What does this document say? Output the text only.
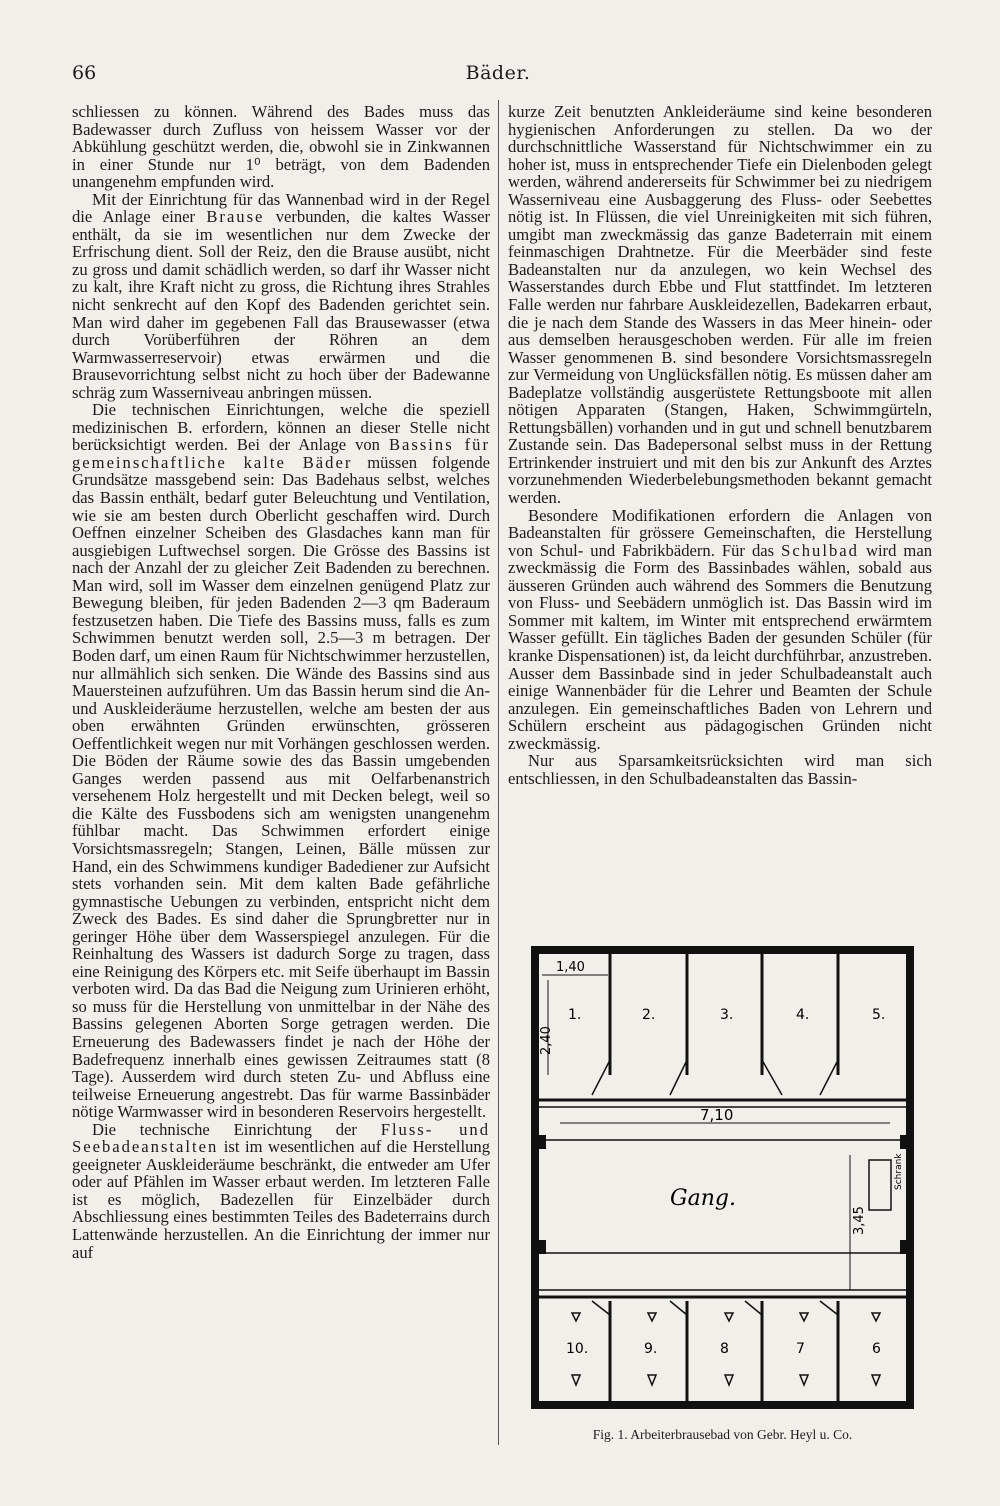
66	Bäder.

schliessen zu können. Während des Bades muss das Badewasser durch Zufluss von heissem Wasser vor der Abkühlung geschützt werden, die, obwohl sie in Zinkwannen in einer Stunde nur 1⁰ beträgt, von dem Badenden unangenehm empfunden wird.

Mit der Einrichtung für das Wannenbad wird in der Regel die Anlage einer Brause verbunden, die kaltes Wasser enthält, da sie im wesentlichen nur dem Zwecke der Erfrischung dient. Soll der Reiz, den die Brause ausübt, nicht zu gross und damit schädlich werden, so darf ihr Wasser nicht zu kalt, ihre Kraft nicht zu gross, die Richtung ihres Strahles nicht senkrecht auf den Kopf des Badenden gerichtet sein. Man wird daher im gegebenen Fall das Brausewasser (etwa durch Vorüberführen der Röhren an dem Warmwasserreservoir) etwas erwärmen und die Brausevorrichtung selbst nicht zu hoch über der Badewanne schräg zum Wasserniveau anbringen müssen.

Die technischen Einrichtungen, welche die speziell medizinischen B. erfordern, können an dieser Stelle nicht berücksichtigt werden. Bei der Anlage von Bassins für gemeinschaftliche kalte Bäder müssen folgende Grundsätze massgebend sein: Das Badehaus selbst, welches das Bassin enthält, bedarf guter Beleuchtung und Ventilation, wie sie am besten durch Oberlicht geschaffen wird. Durch Oeffnen einzelner Scheiben des Glasdaches kann man für ausgiebigen Luftwechsel sorgen. Die Grösse des Bassins ist nach der Anzahl der zu gleicher Zeit Badenden zu berechnen. Man wird, soll im Wasser dem einzelnen genügend Platz zur Bewegung bleiben, für jeden Badenden 2—3 qm Baderaum festzusetzen haben. Die Tiefe des Bassins muss, falls es zum Schwimmen benutzt werden soll, 2.5—3 m betragen. Der Boden darf, um einen Raum für Nichtschwimmer herzustellen, nur allmählich sich senken. Die Wände des Bassins sind aus Mauersteinen aufzuführen. Um das Bassin herum sind die An- und Auskleideräume herzustellen, welche am besten der aus oben erwähnten Gründen erwünschten, grösseren Oeffentlichkeit wegen nur mit Vorhängen geschlossen werden. Die Böden der Räume sowie des das Bassin umgebenden Ganges werden passend aus mit Oelfarbenanstrich versehenem Holz hergestellt und mit Decken belegt, weil so die Kälte des Fussbodens sich am wenigsten unangenehm fühlbar macht. Das Schwimmen erfordert einige Vorsichtsmassregeln; Stangen, Leinen, Bälle müssen zur Hand, ein des Schwimmens kundiger Badediener zur Aufsicht stets vorhanden sein. Mit dem kalten Bade gefährliche gymnastische Uebungen zu verbinden, entspricht nicht dem Zweck des Bades. Es sind daher die Sprungbretter nur in geringer Höhe über dem Wasserspiegel anzulegen. Für die Reinhaltung des Wassers ist dadurch Sorge zu tragen, dass eine Reinigung des Körpers etc. mit Seife überhaupt im Bassin verboten wird. Da das Bad die Neigung zum Urinieren erhöht, so muss für die Herstellung von unmittelbar in der Nähe des Bassins gelegenen Aborten Sorge getragen werden. Die Erneuerung des Badewassers findet je nach der Höhe der Badefrequenz innerhalb eines gewissen Zeitraumes statt (8 Tage). Ausserdem wird durch steten Zu- und Abfluss eine teilweise Erneuerung angestrebt. Das für warme Bassinbäder nötige Warmwasser wird in besonderen Reservoirs hergestellt.

Die technische Einrichtung der Fluss- und Seebadeanstalten ist im wesentlichen auf die Herstellung geeigneter Auskleideräume beschränkt, die entweder am Ufer oder auf Pfählen im Wasser erbaut werden. Im letzteren Falle ist es möglich, Badezellen für Einzelbäder durch Abschliessung eines bestimmten Teiles des Badeterrains durch Lattenwände herzustellen. An die Einrichtung der immer nur auf

kurze Zeit benutzten Ankleideräume sind keine besonderen hygienischen Anforderungen zu stellen. Da wo der durchschnittliche Wasserstand für Nichtschwimmer ein zu hoher ist, muss in entsprechender Tiefe ein Dielenboden gelegt werden, während andererseits für Schwimmer bei zu niedrigem Wasserniveau eine Ausbaggerung des Fluss- oder Seebettes nötig ist. In Flüssen, die viel Unreinigkeiten mit sich führen, umgibt man zweckmässig das ganze Badeterrain mit einem feinmaschigen Drahtnetze. Für die Meerbäder sind feste Badeanstalten nur da anzulegen, wo kein Wechsel des Wasserstandes durch Ebbe und Flut stattfindet. Im letzteren Falle werden nur fahrbare Auskleidezellen, Badekarren erbaut, die je nach dem Stande des Wassers in das Meer hinein- oder aus demselben herausgeschoben werden. Für alle im freien Wasser genommenen B. sind besondere Vorsichtsmassregeln zur Vermeidung von Unglücksfällen nötig. Es müssen daher am Badeplatze vollständig ausgerüstete Rettungsboote mit allen nötigen Apparaten (Stangen, Haken, Schwimmgürteln, Rettungsbällen) vorhanden und in gut und schnell benutzbarem Zustande sein. Das Badepersonal selbst muss in der Rettung Ertrinkender instruiert und mit den bis zur Ankunft des Arztes vorzunehmenden Wiederbelebungsmethoden bekannt gemacht werden.

Besondere Modifikationen erfordern die Anlagen von Badeanstalten für grössere Gemeinschaften, die Herstellung von Schul- und Fabrikbädern. Für das Schulbad wird man zweckmässig die Form des Bassinbades wählen, sobald aus äusseren Gründen auch während des Sommers die Benutzung von Fluss- und Seebädern unmöglich ist. Das Bassin wird im Sommer mit kaltem, im Winter mit entsprechend erwärmtem Wasser gefüllt. Ein tägliches Baden der gesunden Schüler (für kranke Dispensationen) ist, da leicht durchführbar, anzustreben. Ausser dem Bassinbade sind in jeder Schulbadeanstalt auch einige Wannenbäder für die Lehrer und Beamten der Schule anzulegen. Ein gemeinschaftliches Baden von Lehrern und Schülern erscheint aus pädagogischen Gründen nicht zweckmässig.

Nur aus Sparsamkeitsrücksichten wird man sich entschliessen, in den Schulbadeanstalten das Bassin-

1,40
2,40
7,10
3,45
Schrank
Gang.
1.	2.	3.	4.	5.
10.	9.	8	7	6
Fig. 1. Arbeiterbrausebad von Gebr. Heyl u. Co.
